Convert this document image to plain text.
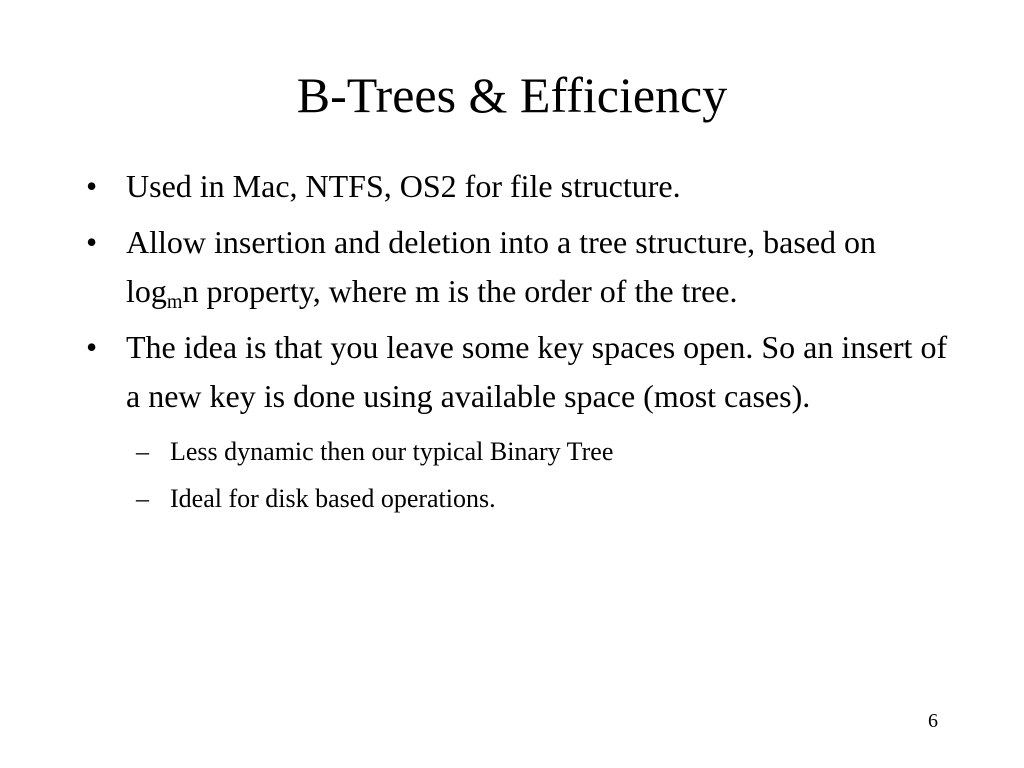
B-Trees & Efficiency
• Used in Mac, NTFS, OS2 for file structure.
• Allow insertion and deletion into a tree structure, based on $\log_mn$ property, where m is the order of the tree.
• The idea is that you leave some key spaces open. So an insert of a new key is done using available space (most cases).
– Less dynamic then our typical Binary Tree
– Ideal for disk based operations.
6
